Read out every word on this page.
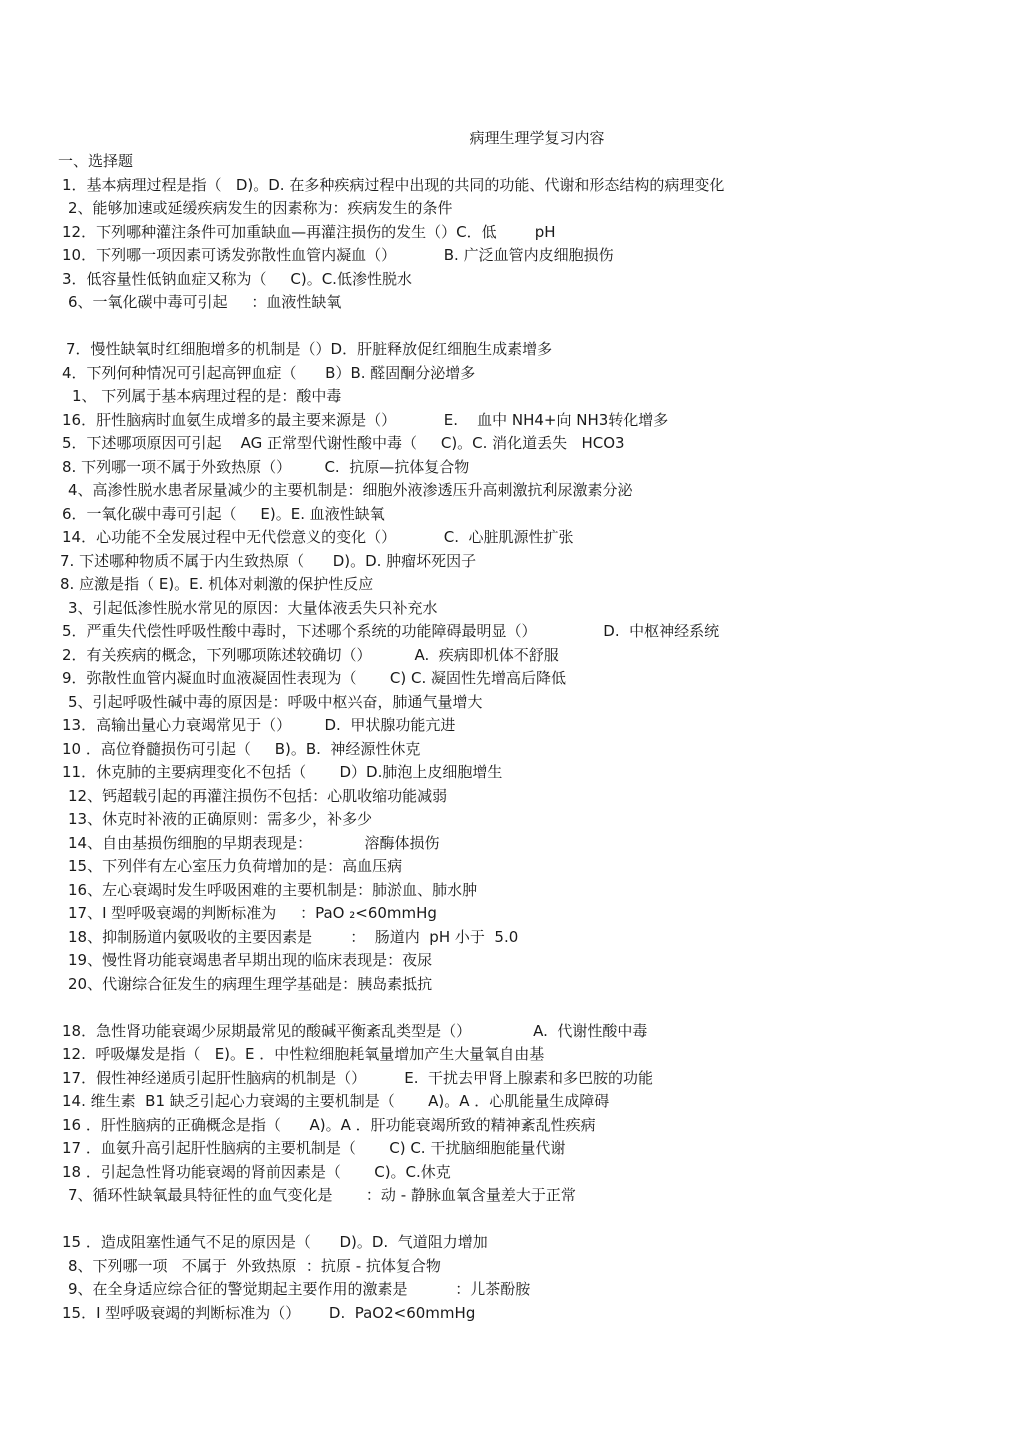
病理生理学复习内容
一、选择题
1．基本病理过程是指（   D)。D. 在多种疾病过程中出现的共同的功能、代谢和形态结构的病理变化
2、能够加速或延缓疾病发生的因素称为：疾病发生的条件
12．下列哪种灌注条件可加重缺血—再灌注损伤的发生（）C．低        pH
10．下列哪一项因素可诱发弥散性血管内凝血（）          B. 广泛血管内皮细胞损伤
3．低容量性低钠血症又称为（     C)。C.低渗性脱水
6、一氧化碳中毒可引起     ：血液性缺氧
7．慢性缺氧时红细胞增多的机制是（）D．肝脏释放促红细胞生成素增多
4．下列何种情况可引起高钾血症（      B）B. 醛固酮分泌增多
1、 下列属于基本病理过程的是：酸中毒
16．肝性脑病时血氨生成增多的最主要来源是（）          E.    血中 NH4+向 NH3转化增多
5．下述哪项原因可引起    AG 正常型代谢性酸中毒（     C)。C. 消化道丢失   HCO3
8. 下列哪一项不属于外致热原（）       C.  抗原—抗体复合物
4、高渗性脱水患者尿量减少的主要机制是：细胞外液渗透压升高刺激抗利尿激素分泌
6．一氧化碳中毒可引起（     E)。E. 血液性缺氧
14．心功能不全发展过程中无代偿意义的变化（）          C.  心脏肌源性扩张
7. 下述哪种物质不属于内生致热原（      D)。D. 肿瘤坏死因子
8. 应激是指（ E)。E. 机体对刺激的保护性反应
3、引起低渗性脱水常见的原因：大量体液丢失只补充水
5．严重失代偿性呼吸性酸中毒时，下述哪个系统的功能障碍最明显（）              D.  中枢神经系统
2．有关疾病的概念，下列哪项陈述较确切（）         A.  疾病即机体不舒服
9．弥散性血管内凝血时血液凝固性表现为（       C) C. 凝固性先增高后降低
5、引起呼吸性碱中毒的原因是：呼吸中枢兴奋，肺通气量增大
13．高输出量心力衰竭常见于（）       D.  甲状腺功能亢进
10 ．高位脊髓损伤可引起（     B)。B.  神经源性休克
11．休克肺的主要病理变化不包括（       D）D.肺泡上皮细胞增生
12、钙超载引起的再灌注损伤不包括：心肌收缩功能减弱
13、休克时补液的正确原则：需多少，补多少
14、自由基损伤细胞的早期表现是：           溶酶体损伤
15、下列伴有左心室压力负荷增加的是：高血压病
16、左心衰竭时发生呼吸困难的主要机制是：肺淤血、肺水肿
17、Ⅰ 型呼吸衰竭的判断标准为     ：PaO ₂<60mmHg
18、抑制肠道内氨吸收的主要因素是        ：  肠道内  pH 小于  5.0
19、慢性肾功能衰竭患者早期出现的临床表现是：夜尿
20、代谢综合征发生的病理生理学基础是：胰岛素抵抗
18．急性肾功能衰竭少尿期最常见的酸碱平衡紊乱类型是（）             A.  代谢性酸中毒
12.  呼吸爆发是指（   E)。E ．中性粒细胞耗氧量增加产生大量氧自由基
17．假性神经递质引起肝性脑病的机制是（）        E.  干扰去甲肾上腺素和多巴胺的功能
14. 维生素  B1 缺乏引起心力衰竭的主要机制是（       A)。A ．心肌能量生成障碍
16 ．肝性脑病的正确概念是指（      A)。A ．肝功能衰竭所致的精神紊乱性疾病
17 ．血氨升高引起肝性脑病的主要机制是（       C) C. 干扰脑细胞能量代谢
18 ．引起急性肾功能衰竭的肾前因素是（       C)。C.休克
7、循环性缺氧最具特征性的血气变化是       ：动 - 静脉血氧含量差大于正常
15 ．造成阻塞性通气不足的原因是（      D)。D.  气道阻力增加
8、下列哪一项   不属于  外致热原  ：抗原 - 抗体复合物
9、在全身适应综合征的警觉期起主要作用的激素是          ：儿茶酚胺
15．Ⅰ 型呼吸衰竭的判断标准为（）      D.  PaO2<60mmHg
